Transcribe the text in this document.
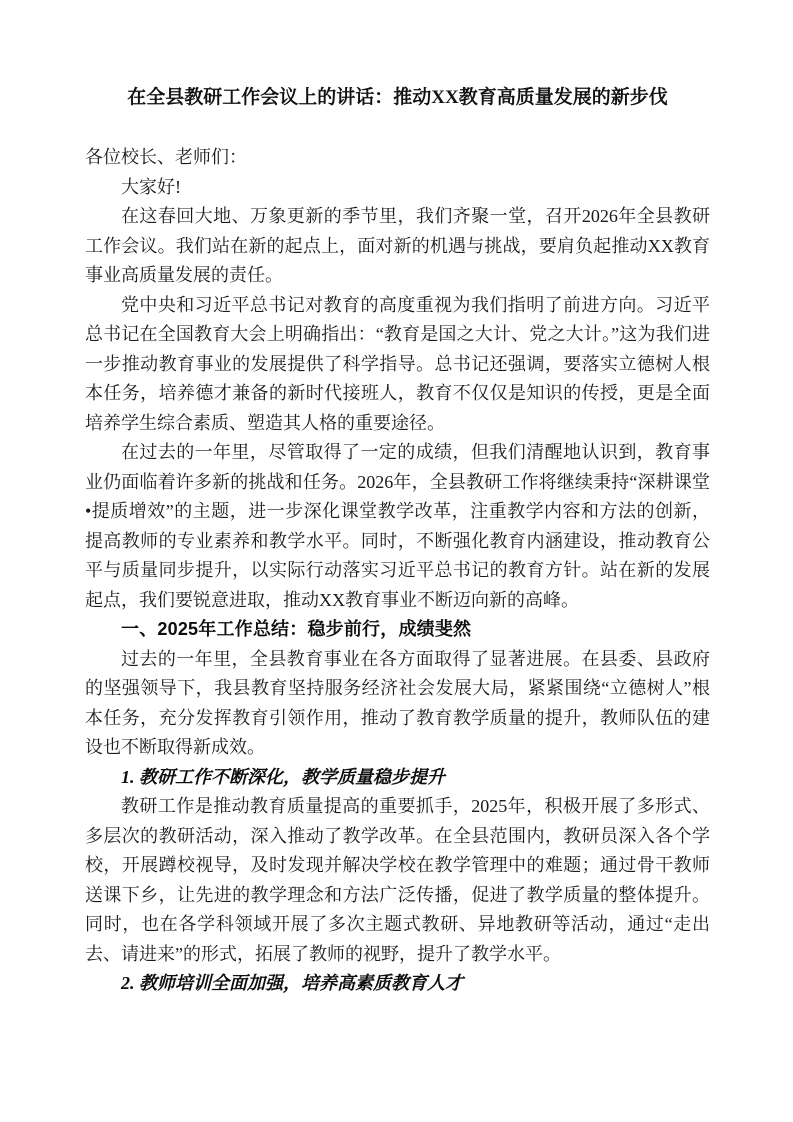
在全县教研工作会议上的讲话：推动XX教育高质量发展的新步伐

各位校长、老师们：

大家好!

在这春回大地、万象更新的季节里，我们齐聚一堂，召开2026年全县教研工作会议。我们站在新的起点上，面对新的机遇与挑战，要肩负起推动XX教育事业高质量发展的责任。

党中央和习近平总书记对教育的高度重视为我们指明了前进方向。习近平总书记在全国教育大会上明确指出：“教育是国之大计、党之大计。”这为我们进一步推动教育事业的发展提供了科学指导。总书记还强调，要落实立德树人根本任务，培养德才兼备的新时代接班人，教育不仅仅是知识的传授，更是全面培养学生综合素质、塑造其人格的重要途径。

在过去的一年里，尽管取得了一定的成绩，但我们清醒地认识到，教育事业仍面临着许多新的挑战和任务。2026年，全县教研工作将继续秉持“深耕课堂•提质增效”的主题，进一步深化课堂教学改革，注重教学内容和方法的创新，提高教师的专业素养和教学水平。同时，不断强化教育内涵建设，推动教育公平与质量同步提升，以实际行动落实习近平总书记的教育方针。站在新的发展起点，我们要锐意进取，推动XX教育事业不断迈向新的高峰。

一、2025年工作总结：稳步前行，成绩斐然

过去的一年里，全县教育事业在各方面取得了显著进展。在县委、县政府的坚强领导下，我县教育坚持服务经济社会发展大局，紧紧围绕“立德树人”根本任务，充分发挥教育引领作用，推动了教育教学质量的提升，教师队伍的建设也不断取得新成效。

1. 教研工作不断深化，教学质量稳步提升

教研工作是推动教育质量提高的重要抓手，2025年，积极开展了多形式、多层次的教研活动，深入推动了教学改革。在全县范围内，教研员深入各个学校，开展蹲校视导，及时发现并解决学校在教学管理中的难题；通过骨干教师送课下乡，让先进的教学理念和方法广泛传播，促进了教学质量的整体提升。同时，也在各学科领域开展了多次主题式教研、异地教研等活动，通过“走出去、请进来”的形式，拓展了教师的视野，提升了教学水平。

2. 教师培训全面加强，培养高素质教育人才
